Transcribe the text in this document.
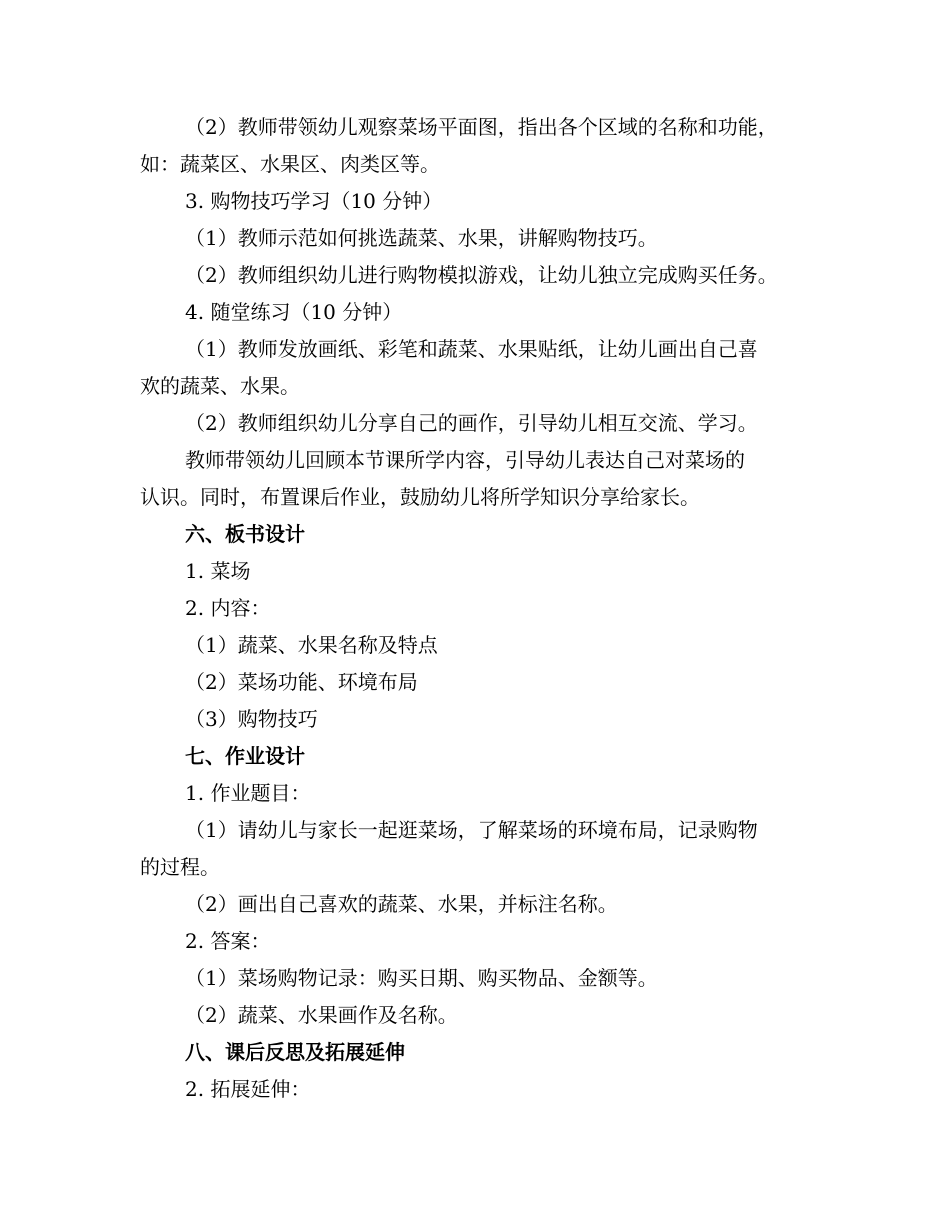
（2）教师带领幼儿观察菜场平面图，指出各个区域的名称和功能，
如：蔬菜区、水果区、肉类区等。
3. 购物技巧学习（10 分钟）
（1）教师示范如何挑选蔬菜、水果，讲解购物技巧。
（2）教师组织幼儿进行购物模拟游戏，让幼儿独立完成购买任务。
4. 随堂练习（10 分钟）
（1）教师发放画纸、彩笔和蔬菜、水果贴纸，让幼儿画出自己喜
欢的蔬菜、水果。
（2）教师组织幼儿分享自己的画作，引导幼儿相互交流、学习。
教师带领幼儿回顾本节课所学内容，引导幼儿表达自己对菜场的
认识。同时，布置课后作业，鼓励幼儿将所学知识分享给家长。
六、板书设计
1. 菜场
2. 内容：
（1）蔬菜、水果名称及特点
（2）菜场功能、环境布局
（3）购物技巧
七、作业设计
1. 作业题目：
（1）请幼儿与家长一起逛菜场，了解菜场的环境布局，记录购物
的过程。
（2）画出自己喜欢的蔬菜、水果，并标注名称。
2. 答案：
（1）菜场购物记录：购买日期、购买物品、金额等。
（2）蔬菜、水果画作及名称。
八、课后反思及拓展延伸
2. 拓展延伸：
